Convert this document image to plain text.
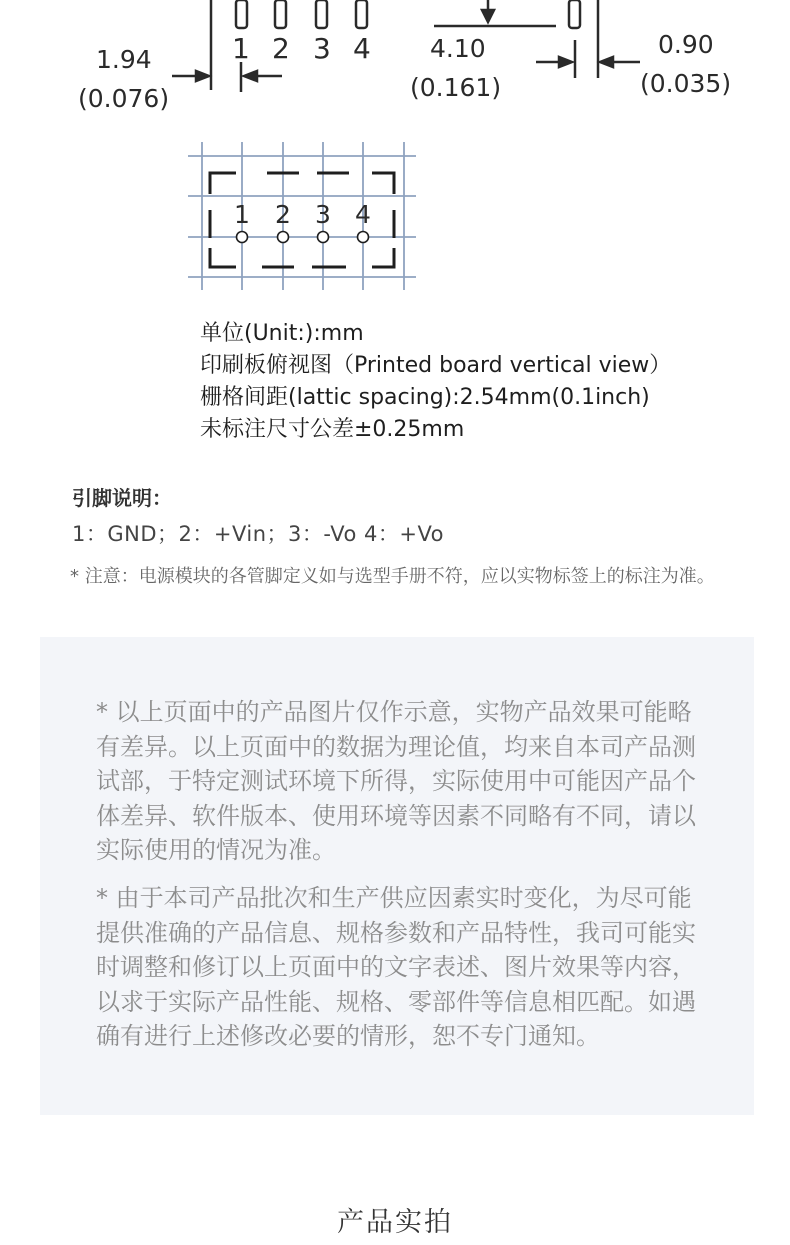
1 2 3 4
1.94
(0.076)
4.10
(0.161)
0.90
(0.035)
1 2 3 4
单位(Unit:):mm
印刷板俯视图（Printed board vertical view）
栅格间距(lattic spacing):2.54mm(0.1inch)
未标注尺寸公差±0.25mm
引脚说明：
1：GND；2：+Vin；3：-Vo 4：+Vo
* 注意：电源模块的各管脚定义如与选型手册不符，应以实物标签上的标注为准。
* 以上页面中的产品图片仅作示意，实物产品效果可能略有差异。以上页面中的数据为理论值，均来自本司产品测试部，于特定测试环境下所得，实际使用中可能因产品个体差异、软件版本、使用环境等因素不同略有不同，请以实际使用的情况为准。
* 由于本司产品批次和生产供应因素实时变化，为尽可能提供准确的产品信息、规格参数和产品特性，我司可能实时调整和修订以上页面中的文字表述、图片效果等内容，以求于实际产品性能、规格、零部件等信息相匹配。如遇确有进行上述修改必要的情形，恕不专门通知。
产品实拍
